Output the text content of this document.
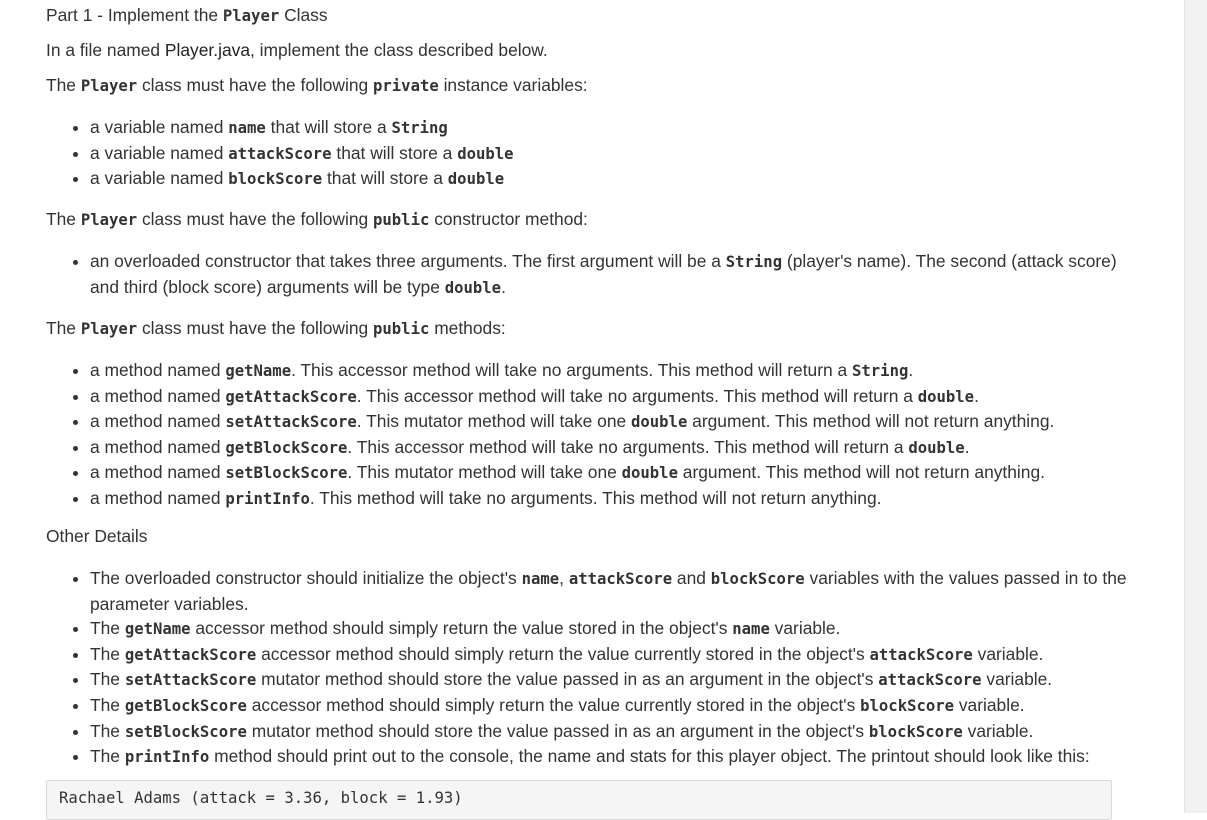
Part 1 - Implement the Player Class

In a file named Player.java, implement the class described below.

The Player class must have the following private instance variables:

• a variable named name that will store a String
• a variable named attackScore that will store a double
• a variable named blockScore that will store a double

The Player class must have the following public constructor method:

• an overloaded constructor that takes three arguments. The first argument will be a String (player's name). The second (attack score) and third (block score) arguments will be type double.

The Player class must have the following public methods:

• a method named getName. This accessor method will take no arguments. This method will return a String.
• a method named getAttackScore. This accessor method will take no arguments. This method will return a double.
• a method named setAttackScore. This mutator method will take one double argument. This method will not return anything.
• a method named getBlockScore. This accessor method will take no arguments. This method will return a double.
• a method named setBlockScore. This mutator method will take one double argument. This method will not return anything.
• a method named printInfo. This method will take no arguments. This method will not return anything.
Other Details
• The overloaded constructor should initialize the object's name, attackScore and blockScore variables with the values passed in to the parameter variables.
• The getName accessor method should simply return the value stored in the object's name variable.
• The getAttackScore accessor method should simply return the value currently stored in the object's attackScore variable.
• The setAttackScore mutator method should store the value passed in as an argument in the object's attackScore variable.
• The getBlockScore accessor method should simply return the value currently stored in the object's blockScore variable.
• The setBlockScore mutator method should store the value passed in as an argument in the object's blockScore variable.
• The printInfo method should print out to the console, the name and stats for this player object. The printout should look like this:
Rachael Adams (attack = 3.36, block = 1.93)
